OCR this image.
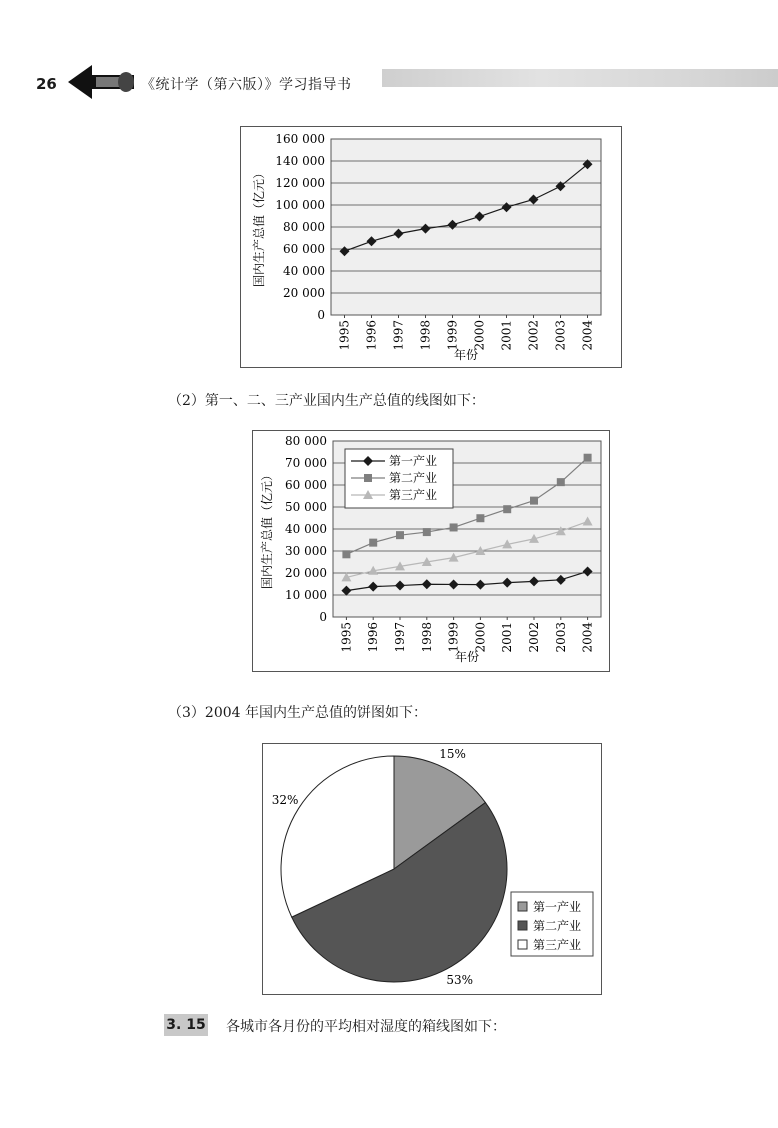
26	《统计学（第六版）》学习指导书
160 000
140 000
120 000
100 000
80 000
60 000
40 000
20 000
0
1995 1996 1997 1998 1999 2000 2001 2002 2003 2004
年份
国内生产总值（亿元）
（2）第一、二、三产业国内生产总值的线图如下：
80 000
70 000
60 000
50 000
40 000
30 000
20 000
10 000
0
1995 1996 1997 1998 1999 2000 2001 2002 2003 2004
年份
国内生产总值（亿元）
第一产业
第二产业
第三产业
（3）2004 年国内生产总值的饼图如下：
15%
53%
32%
第一产业
第二产业
第三产业
3. 15 各城市各月份的平均相对湿度的箱线图如下：
